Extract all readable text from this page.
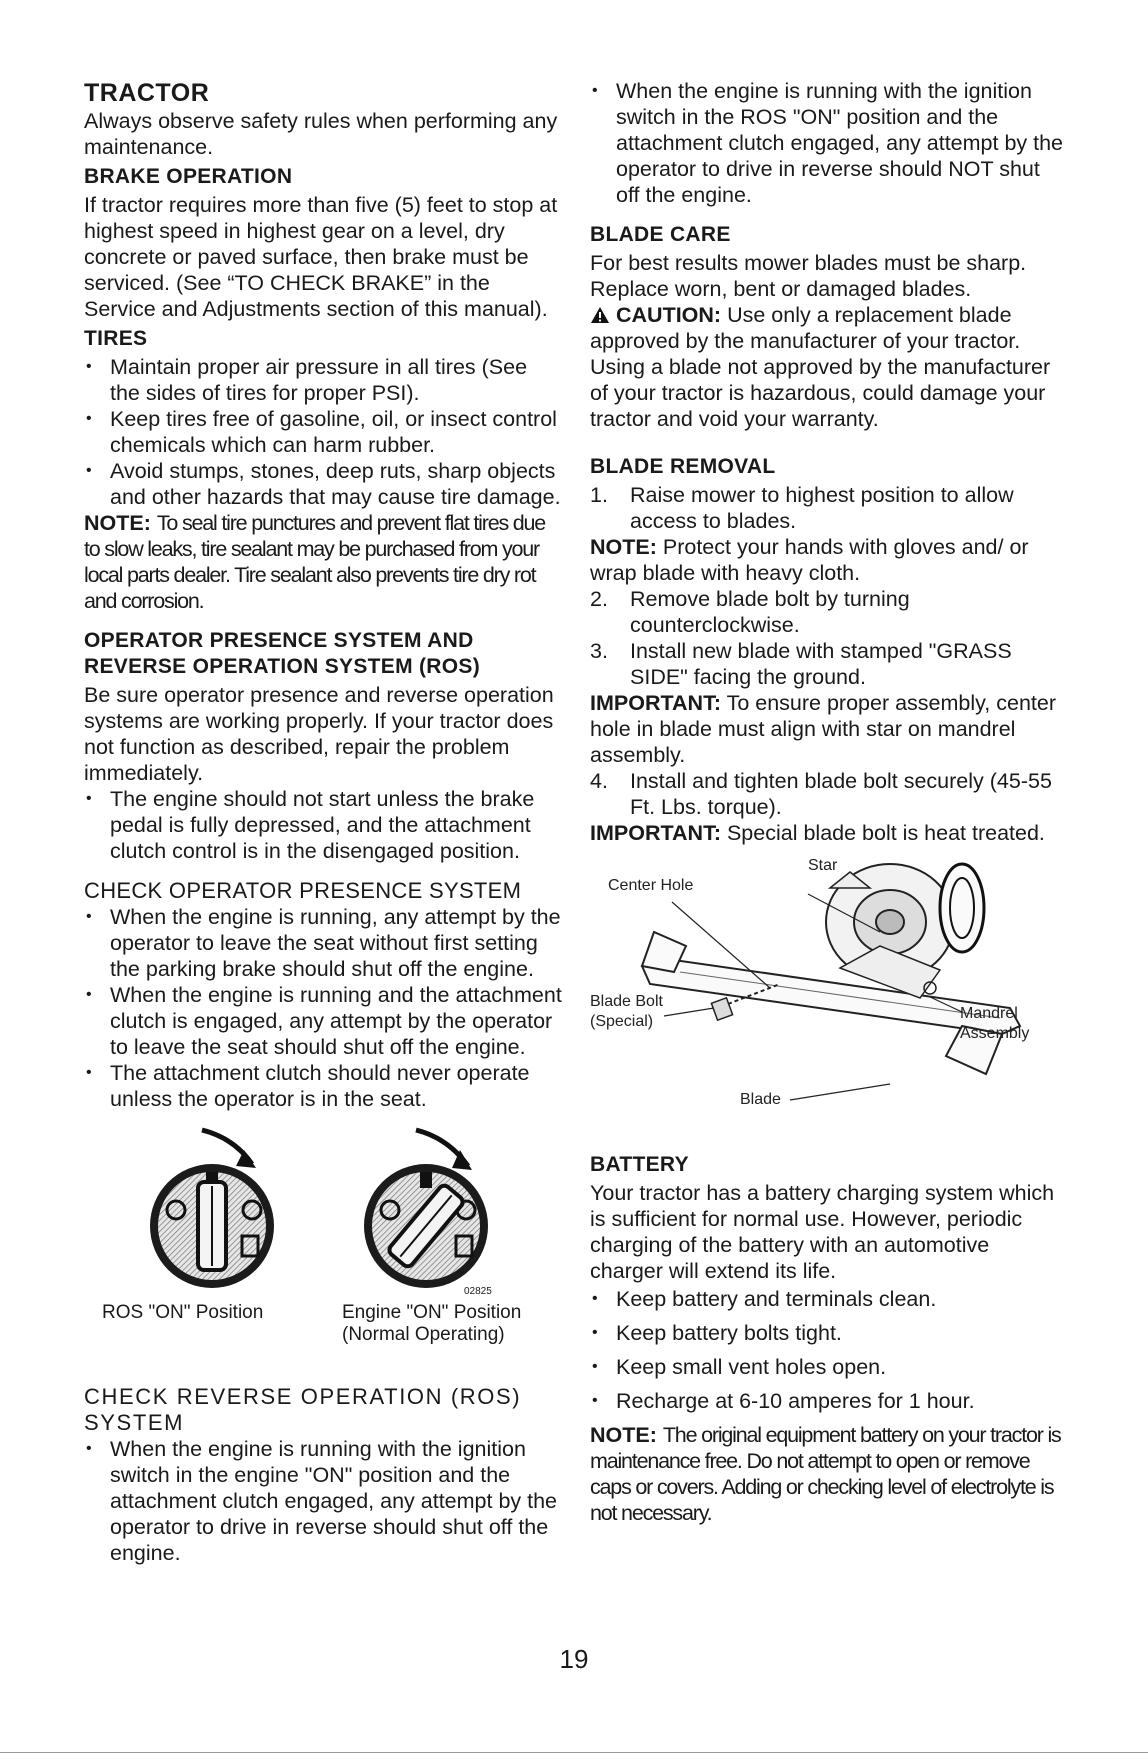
TRACTOR

Always observe safety rules when performing any maintenance.

BRAKE OPERATION

If tractor requires more than five (5) feet to stop at highest speed in highest gear on a level, dry concrete or paved surface, then brake must be serviced. (See “TO CHECK BRAKE” in the Service and Adjustments section of this manual).

TIRES
• Maintain proper air pressure in all tires (See the sides of tires for proper PSI).
• Keep tires free of gasoline, oil, or insect control chemicals which can harm rubber.
• Avoid stumps, stones, deep ruts, sharp objects and other hazards that may cause tire damage.

NOTE: To seal tire punctures and prevent flat tires due to slow leaks, tire sealant may be purchased from your local parts dealer. Tire sealant also prevents tire dry rot and corrosion.

OPERATOR PRESENCE SYSTEM AND REVERSE OPERATION SYSTEM (ROS)

Be sure operator presence and reverse operation systems are working properly. If your tractor does not function as described, repair the problem immediately.

• The engine should not start unless the brake pedal is fully depressed, and the attachment clutch control is in the disengaged position.
CHECK OPERATOR PRESENCE SYSTEM
• When the engine is running, any attempt by the operator to leave the seat without first setting the parking brake should shut off the engine.
• When the engine is running and the attachment clutch is engaged, any attempt by the operator to leave the seat should shut off the engine.
• The attachment clutch should never operate unless the operator is in the seat.
02825
ROS "ON" Position	Engine "ON" Position (Normal Operating)
CHECK REVERSE OPERATION (ROS) SYSTEM
• When the engine is running with the ignition switch in the engine "ON" position and the attachment clutch engaged, any attempt by the operator to drive in reverse should shut off the engine.
• When the engine is running with the ignition switch in the ROS "ON" position and the attachment clutch engaged, any attempt by the operator to drive in reverse should NOT shut off the engine.
BLADE CARE

For best results mower blades must be sharp. Replace worn, bent or damaged blades.

CAUTION: Use only a replacement blade approved by the manufacturer of your tractor. Using a blade not approved by the manufacturer of your tractor is hazardous, could damage your tractor and void your warranty.

BLADE REMOVAL
1. Raise mower to highest position to allow access to blades.

NOTE: Protect your hands with gloves and/ or wrap blade with heavy cloth.

2. Remove blade bolt by turning counterclockwise.
3. Install new blade with stamped "GRASS SIDE" facing the ground.

IMPORTANT: To ensure proper assembly, center hole in blade must align with star on mandrel assembly.

4. Install and tighten blade bolt securely (45-55 Ft. Lbs. torque).

IMPORTANT: Special blade bolt is heat treated.

Star
Center Hole
Blade Bolt
(Special)	Mandrel
Assembly
Blade
BATTERY

Your tractor has a battery charging system which is sufficient for normal use. However, periodic charging of the battery with an automotive charger will extend its life.

• Keep battery and terminals clean.
• Keep battery bolts tight.
• Keep small vent holes open.
• Recharge at 6-10 amperes for 1 hour.

NOTE: The original equipment battery on your tractor is maintenance free. Do not attempt to open or remove caps or covers. Adding or checking level of electrolyte is not necessary.

19
